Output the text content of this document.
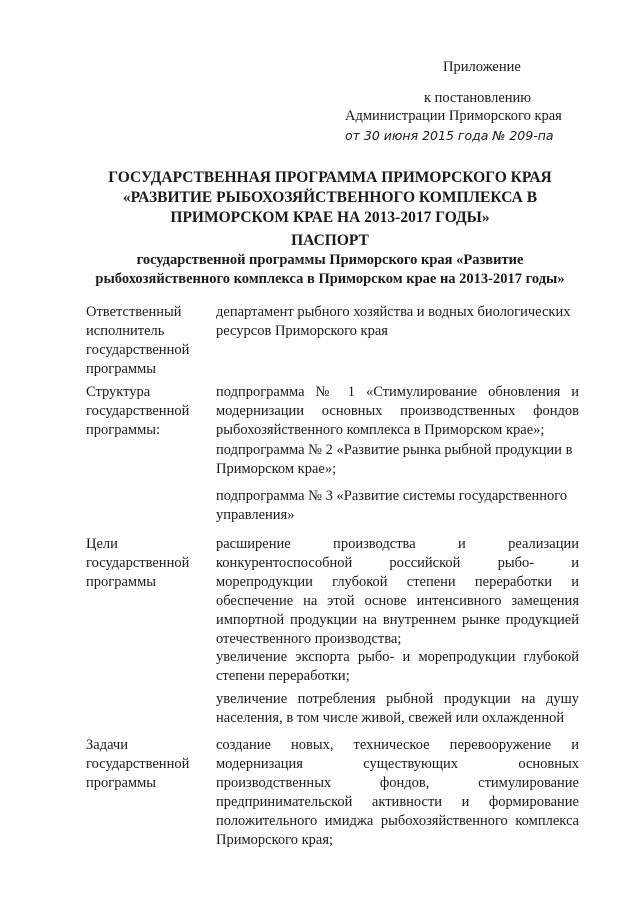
Приложение
к постановлению
Администрации Приморского края
от 30 июня 2015 года № 209-па
ГОСУДАРСТВЕННАЯ ПРОГРАММА ПРИМОРСКОГО КРАЯ
«РАЗВИТИЕ РЫБОХОЗЯЙСТВЕННОГО КОМПЛЕКСА В
ПРИМОРСКОМ КРАЕ НА 2013-2017 ГОДЫ»
ПАСПОРТ
государственной программы Приморского края «Развитие
рыбохозяйственного комплекса в Приморском крае на 2013-2017 годы»
Ответственный
исполнитель
государственной
программы
департамент рыбного хозяйства и водных биологических
ресурсов Приморского края
Структура
государственной
программы:
подпрограмма № 1 «Стимулирование обновления и
модернизации основных производственных фондов
рыбохозяйственного комплекса в Приморском крае»;
подпрограмма № 2 «Развитие рынка рыбной продукции в
Приморском крае»;
подпрограмма № 3 «Развитие системы государственного
управления»
Цели
государственной
программы
расширение производства и реализации
конкурентоспособной российской рыбо- и
морепродукции глубокой степени переработки и
обеспечение на этой основе интенсивного замещения
импортной продукции на внутреннем рынке продукцией
отечественного производства;
увеличение экспорта рыбо- и морепродукции глубокой
степени переработки;
увеличение потребления рыбной продукции на душу
населения, в том числе живой, свежей или охлажденной
Задачи
государственной
программы
создание новых, техническое перевооружение и
модернизация существующих основных
производственных фондов, стимулирование
предпринимательской активности и формирование
положительного имиджа рыбохозяйственного комплекса
Приморского края;
